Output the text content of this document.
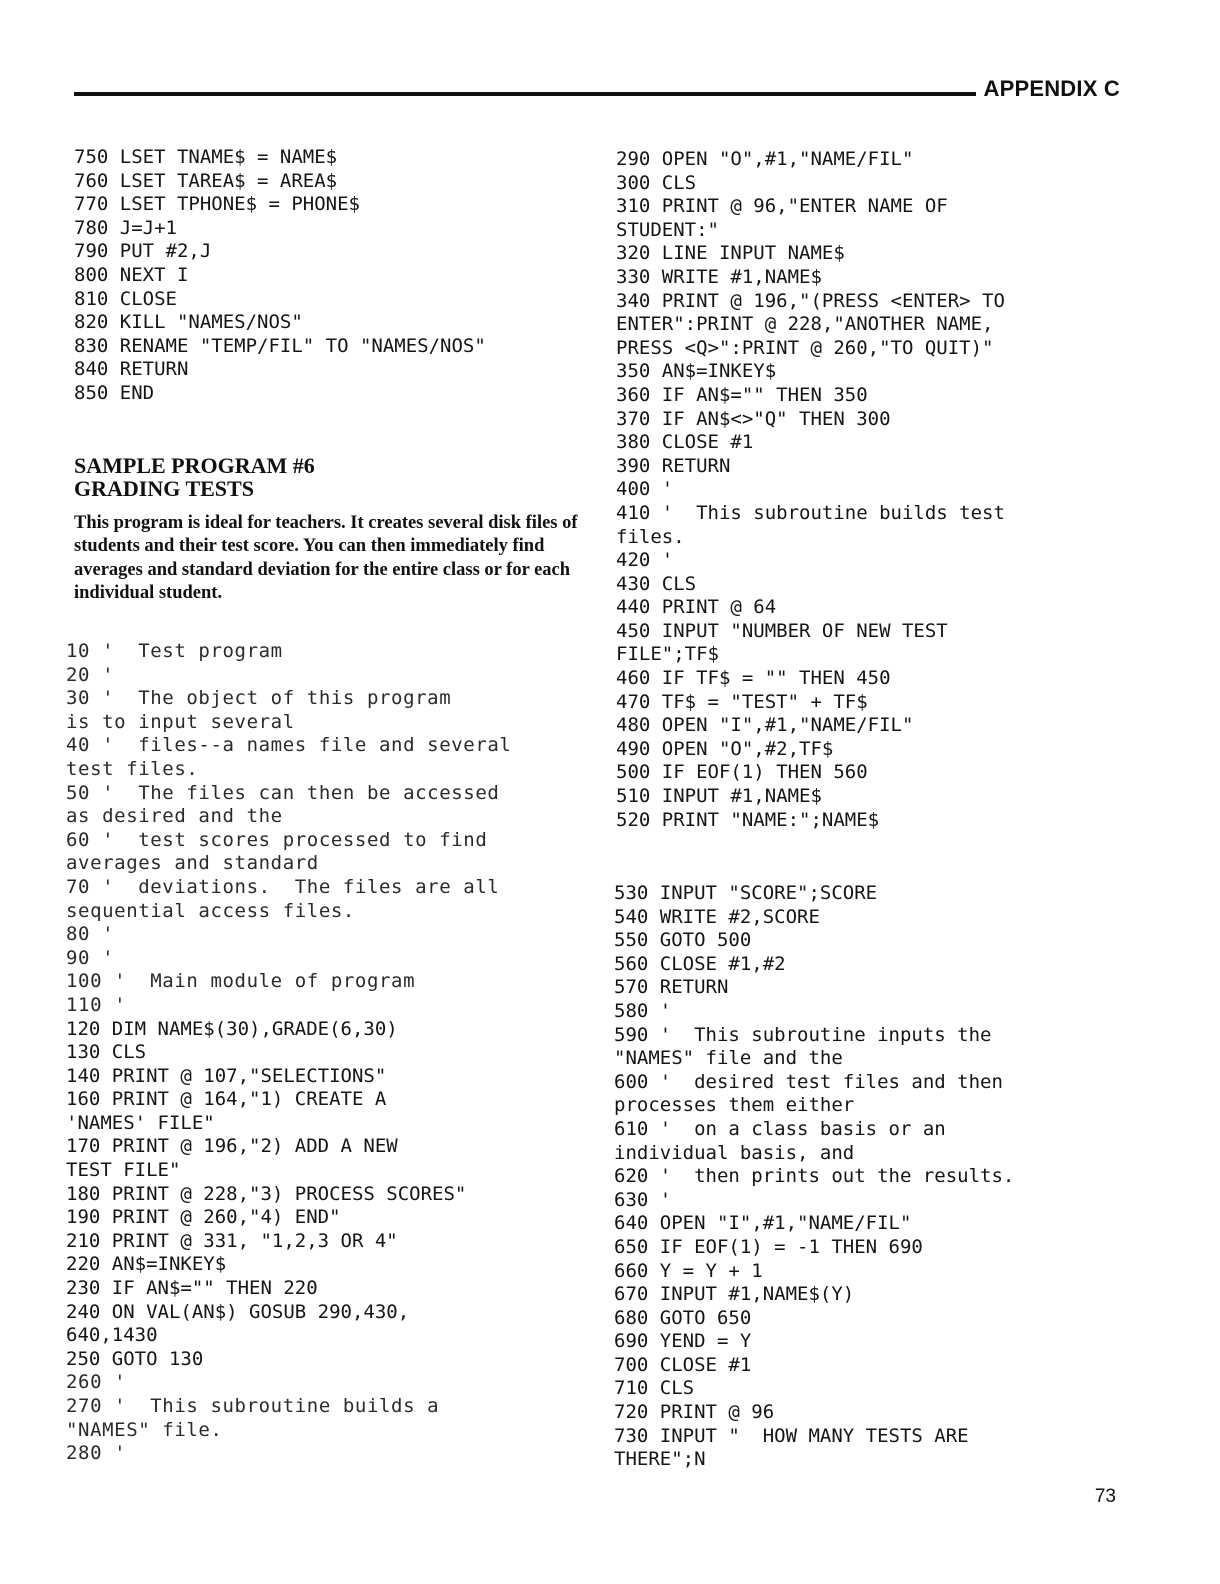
APPENDIX C
750 LSET TNAME$ = NAME$
760 LSET TAREA$ = AREA$
770 LSET TPHONE$ = PHONE$
780 J=J+1
790 PUT #2,J
800 NEXT I
810 CLOSE
820 KILL "NAMES/NOS"
830 RENAME "TEMP/FIL" TO "NAMES/NOS"
840 RETURN
850 END
SAMPLE PROGRAM #6
GRADING TESTS

This program is ideal for teachers. It creates several disk files of students and their test score. You can then immediately find averages and standard deviation for the entire class or for each individual student.

10 '  Test program
20 '
30 '  The object of this program
is to input several
40 '  files--a names file and several
test files.
50 '  The files can then be accessed
as desired and the
60 '  test scores processed to find
averages and standard
70 '  deviations.  The files are all
sequential access files.
80 '
90 '
100 '  Main module of program
110 '
120 DIM NAME$(30),GRADE(6,30)
130 CLS
140 PRINT @ 107,"SELECTIONS"
160 PRINT @ 164,"1) CREATE A
'NAMES' FILE"
170 PRINT @ 196,"2) ADD A NEW
TEST FILE"
180 PRINT @ 228,"3) PROCESS SCORES"
190 PRINT @ 260,"4) END"
210 PRINT @ 331, "1,2,3 OR 4"
220 AN$=INKEY$
230 IF AN$="" THEN 220
240 ON VAL(AN$) GOSUB 290,430,
640,1430
250 GOTO 130
260 '
270 '  This subroutine builds a
"NAMES" file.
280 '
290 OPEN "O",#1,"NAME/FIL"
300 CLS
310 PRINT @ 96,"ENTER NAME OF
STUDENT:"
320 LINE INPUT NAME$
330 WRITE #1,NAME$
340 PRINT @ 196,"(PRESS <ENTER> TO
ENTER":PRINT @ 228,"ANOTHER NAME,
PRESS <Q>":PRINT @ 260,"TO QUIT)"
350 AN$=INKEY$
360 IF AN$="" THEN 350
370 IF AN$<>"Q" THEN 300
380 CLOSE #1
390 RETURN
400 '
410 '  This subroutine builds test
files.
420 '
430 CLS
440 PRINT @ 64
450 INPUT "NUMBER OF NEW TEST
FILE";TF$
460 IF TF$ = "" THEN 450
470 TF$ = "TEST" + TF$
480 OPEN "I",#1,"NAME/FIL"
490 OPEN "O",#2,TF$
500 IF EOF(1) THEN 560
510 INPUT #1,NAME$
520 PRINT "NAME:";NAME$
530 INPUT "SCORE";SCORE
540 WRITE #2,SCORE
550 GOTO 500
560 CLOSE #1,#2
570 RETURN
580 '
590 '  This subroutine inputs the
"NAMES" file and the
600 '  desired test files and then
processes them either
610 '  on a class basis or an
individual basis, and
620 '  then prints out the results.
630 '
640 OPEN "I",#1,"NAME/FIL"
650 IF EOF(1) = -1 THEN 690
660 Y = Y + 1
670 INPUT #1,NAME$(Y)
680 GOTO 650
690 YEND = Y
700 CLOSE #1
710 CLS
720 PRINT @ 96
730 INPUT "  HOW MANY TESTS ARE
THERE";N
73
